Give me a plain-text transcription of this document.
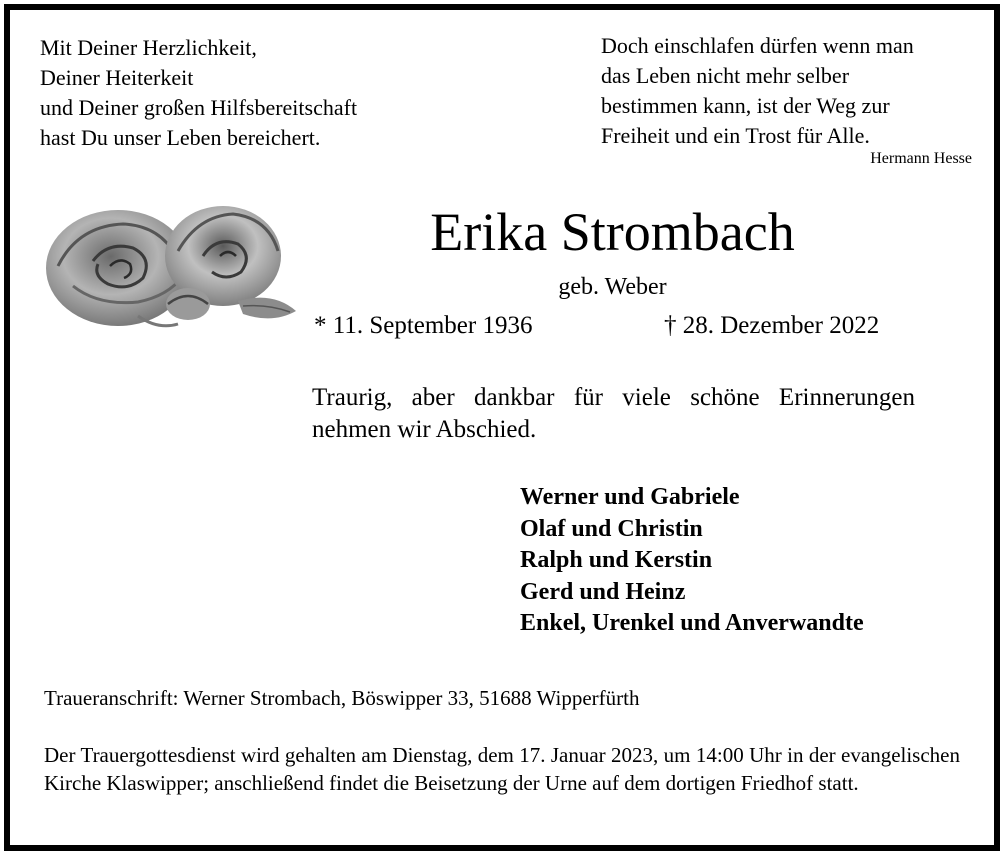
Mit Deiner Herzlichkeit,
Deiner Heiterkeit
und Deiner großen Hilfsbereitschaft
hast Du unser Leben bereichert.
Doch einschlafen dürfen wenn man
das Leben nicht mehr selber
bestimmen kann, ist der Weg zur
Freiheit und ein Trost für Alle.
Hermann Hesse
Erika Strombach
geb. Weber
* 11. September 1936	† 28. Dezember 2022
Traurig, aber dankbar für viele schöne Erinnerungen nehmen wir Abschied.
Werner und Gabriele
Olaf und Christin
Ralph und Kerstin
Gerd und Heinz
Enkel, Urenkel und Anverwandte
Traueranschrift: Werner Strombach, Böswipper 33, 51688 Wipperfürth
Der Trauergottesdienst wird gehalten am Dienstag, dem 17. Januar 2023, um 14:00 Uhr in der evangelischen Kirche Klaswipper; anschließend findet die Beisetzung der Urne auf dem dortigen Friedhof statt.
